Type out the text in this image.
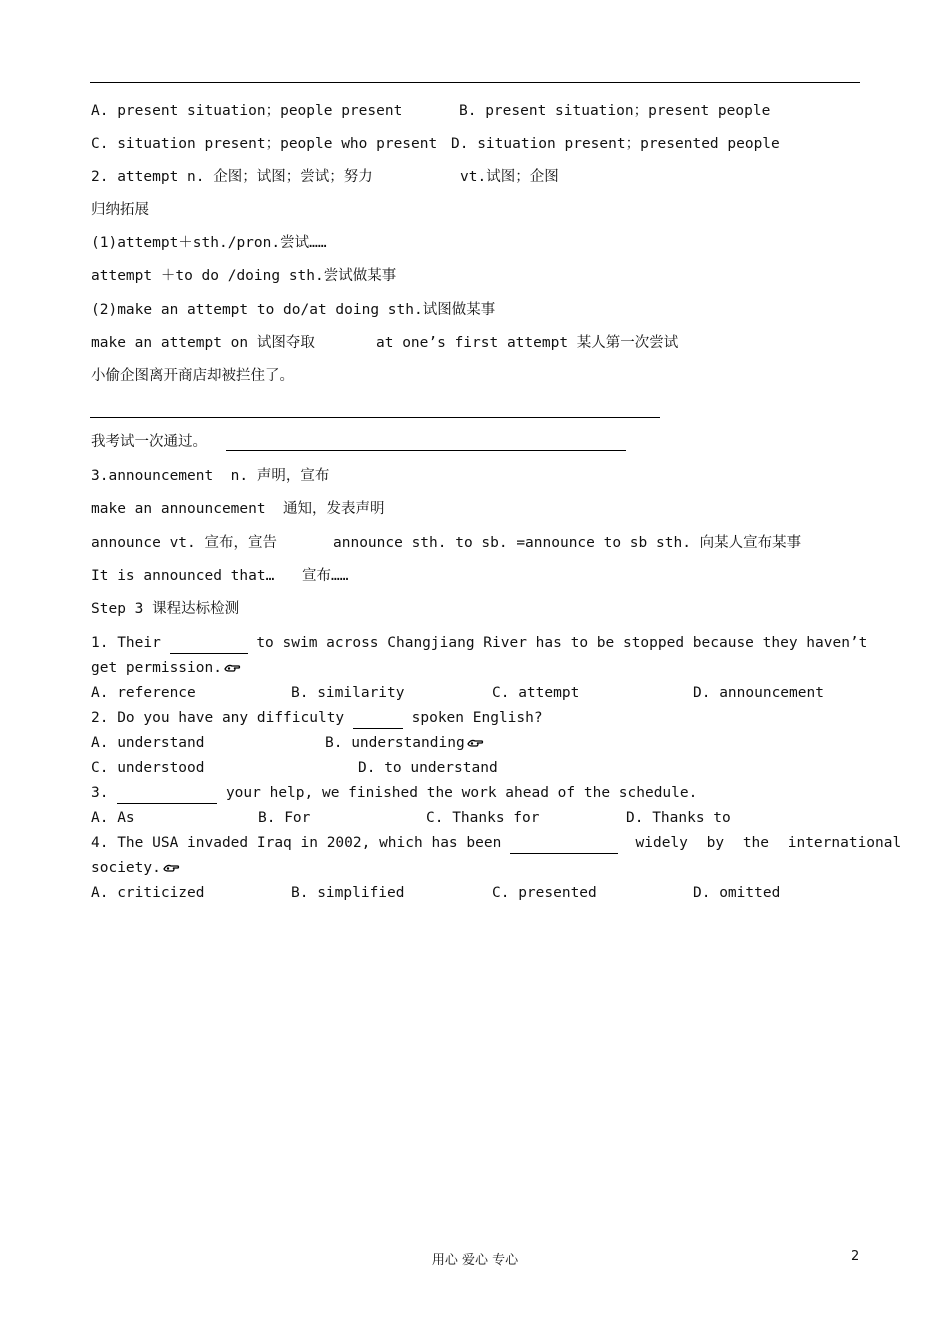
A. present situation；people present	B. present situation；present people
C. situation present；people who present D. situation present；presented people
2. attempt n. 企图；试图；尝试；努力          vt.试图；企图
归纳拓展
(1)attempt＋sth./pron.尝试……
attempt ＋to do /doing sth.尝试做某事
(2)make an attempt to do/at doing sth.试图做某事
make an attempt on 试图夺取	at one’s first attempt 某人第一次尝试
小偷企图离开商店却被拦住了。
我考试一次通过。
3.announcement  n. 声明，宣布
make an announcement  通知，发表声明
announce vt. 宣布，宣告	announce sth. to sb. =announce to sb sth. 向某人宣布某事
It is announced that… 宣布……
Step 3 课程达标检测
1. Their	to swim across Changjiang River has to be stopped because they haven’t
get permission.
A. reference	B. similarity	C. attempt	D. announcement
2. Do you have any difficulty	spoken English?
A. understand	B. understanding
C. understood	D. to understand
3.	your help, we finished the work ahead of the schedule.
A. As	B. For	C. Thanks for	D. Thanks to
4. The USA invaded Iraq in 2002, which has been	widely by the international
society.
A. criticized	B. simplified	C. presented	D. omitted
用心 爱心 专心	2
